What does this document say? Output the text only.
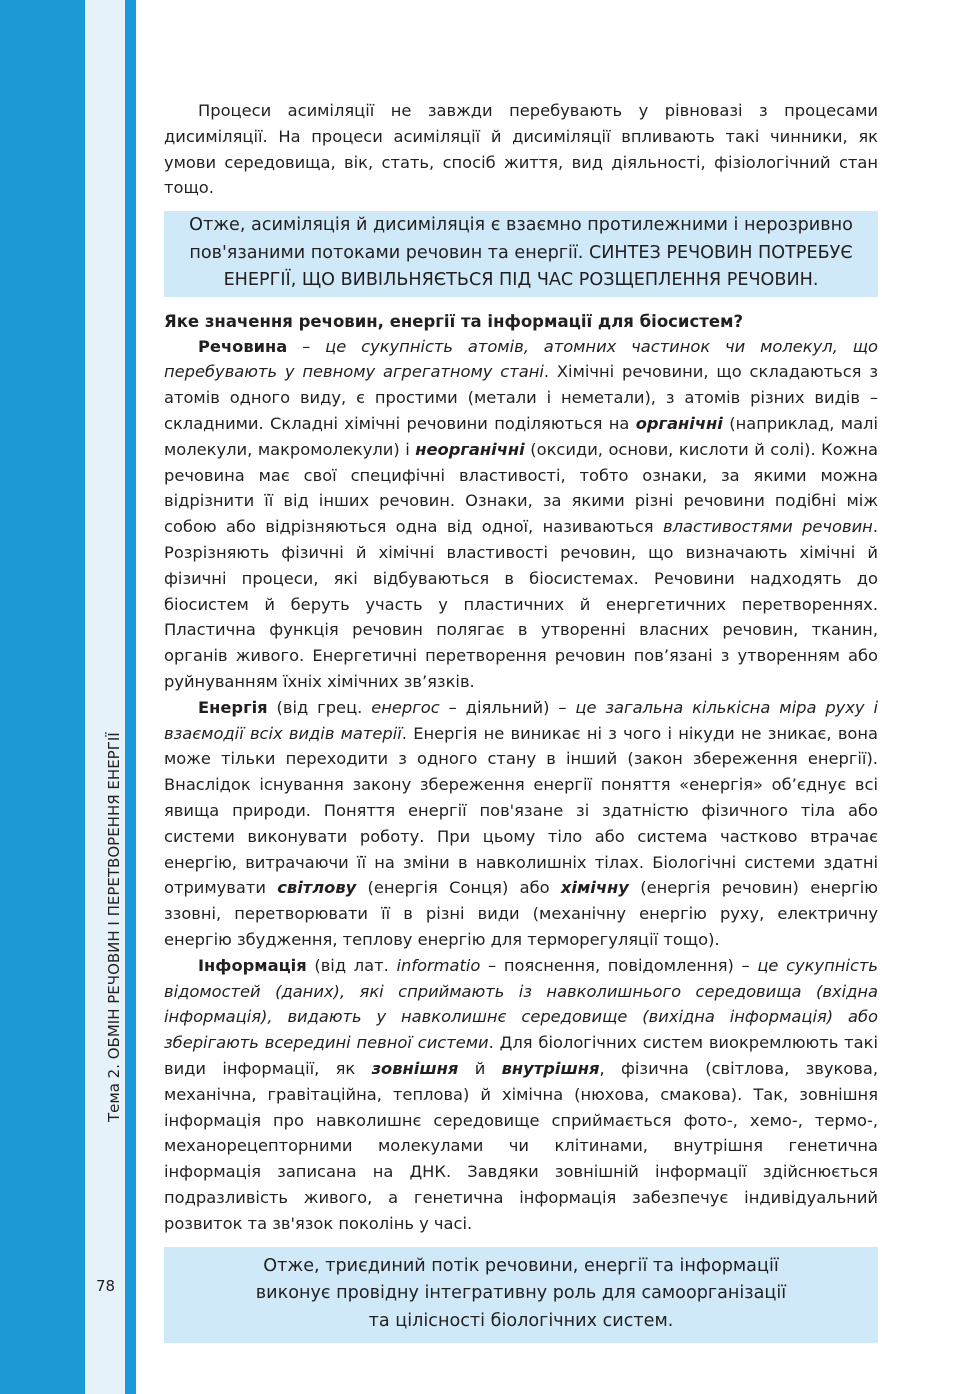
Тема 2. ОБМІН РЕЧОВИН І ПЕРЕТВОРЕННЯ ЕНЕРГІЇ
78

Процеси асиміляції не завжди перебувають у рівновазі з процесами дисиміляції. На процеси асиміляції й дисиміляції впливають такі чинники, як умови середовища, вік, стать, спосіб життя, вид діяльності, фізіологічний стан тощо.

Отже, асиміляція й дисиміляція є взаємно протилежними і нерозривно пов'язаними потоками речовин та енергії. СИНТЕЗ РЕЧОВИН ПОТРЕБУЄ ЕНЕРГІЇ, ЩО ВИВІЛЬНЯЄТЬСЯ ПІД ЧАС РОЗЩЕПЛЕННЯ РЕЧОВИН.
Яке значення речовин, енергії та інформації для біосистем?

Речовина – це сукупність атомів, атомних частинок чи молекул, що перебувають у певному агрегатному стані. Хімічні речовини, що складаються з атомів одного виду, є простими (метали і неметали), з атомів різних видів – складними. Складні хімічні речовини поділяються на органічні (наприклад, малі молекули, макромолекули) і неорганічні (оксиди, основи, кислоти й солі). Кожна речовина має свої специфічні властивості, тобто ознаки, за якими можна відрізнити її від інших речовин. Ознаки, за якими різні речовини подібні між собою або відрізняються одна від одної, називаються властивостями речовин. Розрізняють фізичні й хімічні властивості речовин, що визначають хімічні й фізичні процеси, які відбуваються в біосистемах. Речовини надходять до біосистем й беруть участь у пластичних й енергетичних перетвореннях. Пластична функція речовин полягає в утворенні власних речовин, тканин, органів живого. Енергетичні перетворення речовин пов’язані з утворенням або руйнуванням їхніх хімічних зв’язків.

Енергія (від грец. енергос – діяльний) – це загальна кількісна міра руху і взаємодії всіх видів матерії. Енергія не виникає ні з чого і нікуди не зникає, вона може тільки переходити з одного стану в інший (закон збереження енергії). Внаслідок існування закону збереження енергії поняття «енергія» об’єднує всі явища природи. Поняття енергії пов'язане зі здатністю фізичного тіла або системи виконувати роботу. При цьому тіло або система частково втрачає енергію, витрачаючи її на зміни в навколишніх тілах. Біологічні системи здатні отримувати світлову (енергія Сонця) або хімічну (енергія речовин) енергію ззовні, перетворювати її в різні види (механічну енергію руху, електричну енергію збудження, теплову енергію для терморегуляції тощо).

Інформація (від лат. informatio – пояснення, повідомлення) – це сукупність відомостей (даних), які сприймають із навколишнього середовища (вхідна інформація), видають у навколишнє середовище (вихідна інформація) або зберігають всередині певної системи. Для біологічних систем виокремлюють такі види інформації, як зовнішня й внутрішня, фізична (світлова, звукова, механічна, гравітаційна, теплова) й хімічна (нюхова, смакова). Так, зовнішня інформація про навколишнє середовище сприймається фото-, хемо-, термо-, механорецепторними молекулами чи клітинами, внутрішня генетична інформація записана на ДНК. Завдяки зовнішній інформації здійснюється подразливість живого, а генетична інформація забезпечує індивідуальний розвиток та зв'язок поколінь у часі.

Отже, триєдиний потік речовини, енергії та інформації
виконує провідну інтегративну роль для самоорганізації
та цілісності біологічних систем.
